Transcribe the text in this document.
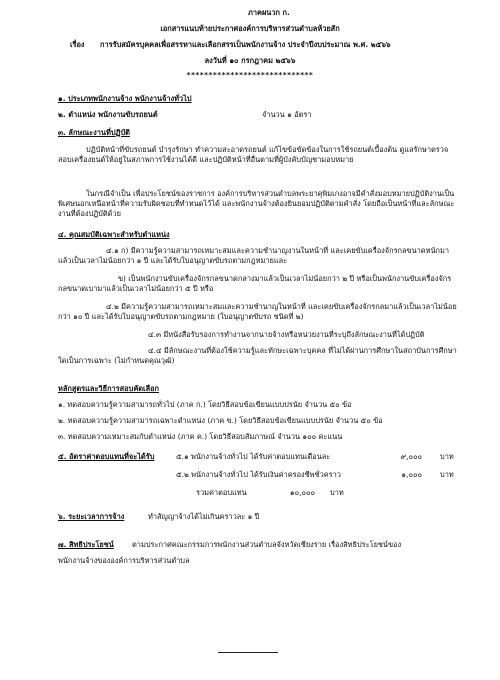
ภาคผนวก ก.
เอกสารแนบท้ายประกาศองค์การบริหารส่วนตำบลห้วยสัก
เรื่อง การรับสมัครบุคคลเพื่อสรรหาและเลือกสรรเป็นพนักงานจ้าง ประจำปีงบประมาณ พ.ศ. ๒๕๖๖
ลงวันที่ ๑๐ กรกฎาคม ๒๕๖๖
*****************************
๑. ประเภทพนักงานจ้าง พนักงานจ้างทั่วไป
๒. ตำแหน่ง พนักงานขับรถยนต์	จำนวน ๑ อัตรา
๓. ลักษณะงานที่ปฏิบัติ
ปฏิบัติหน้าที่ขับรถยนต์ บำรุงรักษา ทำความสะอาดรถยนต์ แก้ไขข้อขัดข้องในการใช้รถยนต์เบื้องต้น ดูแลรักษาตรวจสอบเครื่องยนต์ให้อยู่ในสภาพการใช้งานได้ดี และปฏิบัติหน้าที่อื่นตามที่ผู้บังคับบัญชามอบหมาย
ในกรณีจำเป็น เพื่อประโยชน์ของราชการ องค์การบริหารส่วนตำบลพระยาคุพิมเกงอาจมีคำสั่งมอบหมายปฏิบัติงานเป็นพิเศษนอกเหนือหน้าที่ความรับผิดชอบที่ทำหนดไว้ได้ และพนักงานจ้างต้องยินยอมปฏิบัติตามคำสั่ง โดยถือเป็นหน้าที่และลักษณะงานที่ต้องปฏิบัติด้วย
๔. คุณสมบัติเฉพาะสำหรับตำแหน่ง
๔.๑ ก) มีความรู้ความสามารถเหมาะสมและความชำนาญงานในหน้าที่ และเคยขับเครื่องจักรกลขนาดหนักมาแล้วเป็นเวลาไม่น้อยกว่า ๑ ปี และได้รับใบอนุญาตขับรถตามกฎหมายและ
ข) เป็นพนักงานขับเครื่องจักรกลขนาดกลางมาแล้วเป็นเวลาไม่น้อยกว่า ๒ ปี หรือเป็นพนักงานขับเครื่องจักรกลขนาดเบามาแล้วเป็นเวลาไม่น้อยกว่า ๕ ปี หรือ
๔.๒ มีความรู้ความสามารถเหมาะสมและความชำนาญในหน้าที่ และเคยขับเครื่องจักรกลมาแล้วเป็นเวลาไม่น้อยกว่า ๑๐ ปี และได้รับใบอนุญาตขับรถตามกฎหมาย (ใบอนุญาตขับรถ ชนิดที่ ๒)
๔.๓ มีหนังสือรับรองการทำงานจากนายจ้างหรือหน่วยงานที่ระบุถึงลักษณะงานที่ได้ปฏิบัติ
๔.๔ มีลักษณะงานที่ต้องใช้ความรู้และทักษะเฉพาะบุคคล ที่ไม่ได้ผ่านการศึกษาในสถาบันการศึกษาใดเป็นการเฉพาะ (ไม่กำหนดคุณวุฒิ)
หลักสูตรและวิธีการสอบคัดเลือก
๑. ทดสอบความรู้ความสามารถทั่วไป (ภาค ก.) โดยวิธีสอบข้อเขียนแบบปรนัย จำนวน ๕๐ ข้อ
๒. ทดสอบความรู้ความสามารถเฉพาะตำแหน่ง (ภาค ข.) โดยวิธีสอบข้อเขียนแบบปรนัย จำนวน ๕๐ ข้อ
๓. ทดสอบความเหมาะสมกับตำแหน่ง (ภาค ค.) โดยวิธีสอบสัมภาษณ์ จำนวน ๑๐๐ คะแนน
๕. อัตราค่าตอบแทนที่จะได้รับ	๕.๑ พนักงานจ้างทั่วไป ได้รับค่าตอบแทนเดือนละ	๙,๐๐๐ บาท
๕.๒ พนักงานจ้างทั่วไป ได้รับเงินค่าครองชีพชั่วคราว	๑,๐๐๐ บาท
รวมค่าตอบแทน	๑๐,๐๐๐ บาท
๖. ระยะเวลาการจ้าง	ทำสัญญาจ้างได้ไม่เกินคราวละ ๑ ปี
๗. สิทธิประโยชน์ ตามประกาศคณะกรรมการพนักงานส่วนตำบลจังหวัดเชียงราย เรื่องสิทธิประโยชน์ของ
พนักงานจ้างขององค์การบริหารส่วนตำบล
